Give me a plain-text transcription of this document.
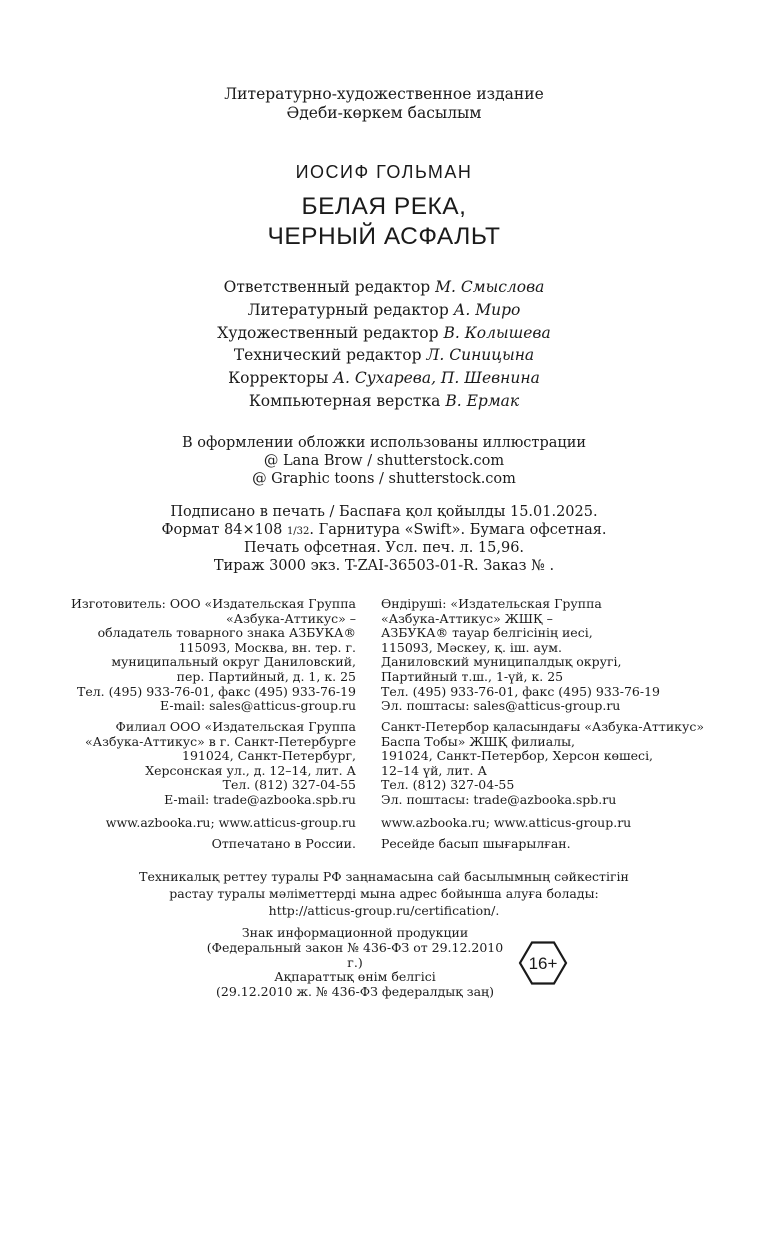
Литературно-художественное издание
Әдеби-көркем басылым
ИОСИФ ГОЛЬМАН
БЕЛАЯ РЕКА,
ЧЕРНЫЙ АСФАЛЬТ
Ответственный редактор М. Смыслова
Литературный редактор А. Миро
Художественный редактор В. Колышева
Технический редактор Л. Синицына
Корректоры А. Сухарева, П. Шевнина
Компьютерная верстка В. Ермак
В оформлении обложки использованы иллюстрации
@ Lana Brow / shutterstock.com
@ Graphic toons / shutterstock.com
Подписано в печать / Баспаға қол қойылды 15.01.2025.
Формат 84×108 1/32. Гарнитура «Swift». Бумага офсетная.
Печать офсетная. Усл. печ. л. 15,96.
Тираж 3000 экз. T-ZAI-36503-01-R. Заказ № .
Изготовитель: ООО «Издательская Группа
«Азбука-Аттикус» –
обладатель товарного знака АЗБУКА®
115093, Москва, вн. тер. г.
муниципальный округ Даниловский,
пер. Партийный, д. 1, к. 25
Тел. (495) 933-76-01, факс (495) 933-76-19
E-mail: sales@atticus-group.ru
Филиал ООО «Издательская Группа
«Азбука-Аттикус» в г. Санкт-Петербурге
191024, Санкт-Петербург,
Херсонская ул., д. 12–14, лит. А
Тел. (812) 327-04-55
E-mail: trade@azbooka.spb.ru
www.azbooka.ru; www.atticus-group.ru
Отпечатано в России.
Өндіруші: «Издательская Группа
«Азбука-Аттикус» ЖШҚ –
АЗБУКА® тауар белгісінің иесі,
115093, Мәскеу, қ. іш. аум.
Даниловский муниципалдық округі,
Партийный т.ш., 1-үй, к. 25
Тел. (495) 933-76-01, факс (495) 933-76-19
Эл. поштасы: sales@atticus-group.ru
Санкт-Петербор қаласындағы «Азбука-Аттикус»
Баспа Тобы» ЖШҚ филиалы,
191024, Санкт-Петербор, Херсон көшесі,
12–14 үй, лит. А
Тел. (812) 327-04-55
Эл. поштасы: trade@azbooka.spb.ru
www.azbooka.ru; www.atticus-group.ru
Ресейде басып шығарылған.
Техникалық реттеу туралы РФ заңнамасына сай басылымның сәйкестігін
растау туралы мәліметтерді мына адрес бойынша алуға болады:
http://atticus-group.ru/certification/.
Знак информационной продукции
(Федеральный закон № 436-ФЗ от 29.12.2010 г.)
Ақпараттық өнім белгісі
(29.12.2010 ж. № 436-ФЗ федералдық заң)
16+
